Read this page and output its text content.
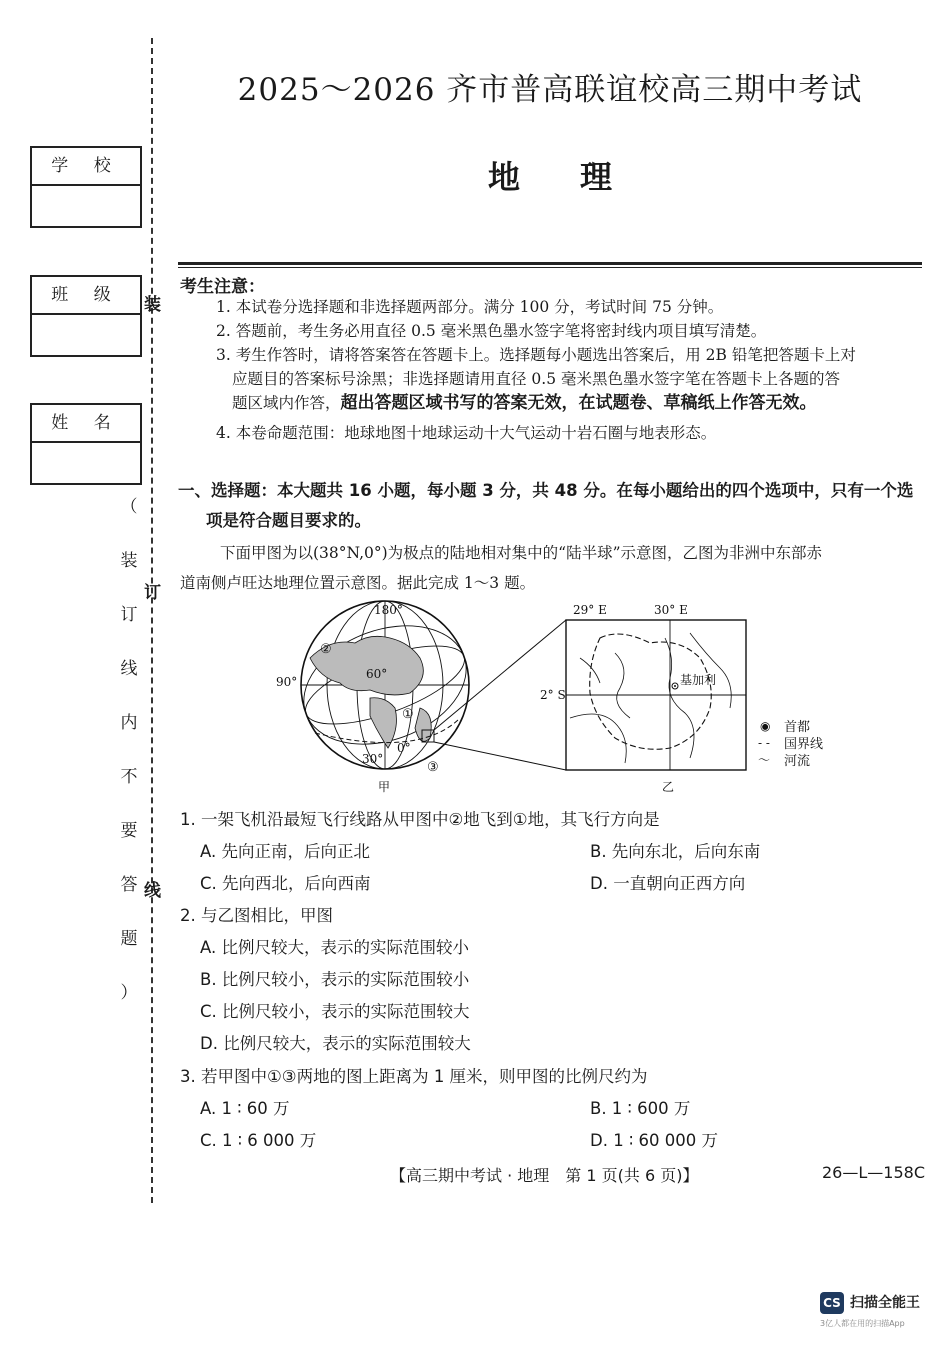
学 校
班 级
姓 名
装
订
线
（
装
订
线
内
不
要
答
题
）
2025～2026 齐市普高联谊校高三期中考试
地理
考生注意：
1. 本试卷分选择题和非选择题两部分。满分 100 分，考试时间 75 分钟。
2. 答题前，考生务必用直径 0.5 毫米黑色墨水签字笔将密封线内项目填写清楚。
3. 考生作答时，请将答案答在答题卡上。选择题每小题选出答案后，用 2B 铅笔把答题卡上对
应题目的答案标号涂黑；非选择题请用直径 0.5 毫米黑色墨水签字笔在答题卡上各题的答
题区域内作答，超出答题区域书写的答案无效，在试题卷、草稿纸上作答无效。
4. 本卷命题范围：地球地图十地球运动十大气运动十岩石圈与地表形态。
一、选择题：本大题共 16 小题，每小题 3 分，共 48 分。在每小题给出的四个选项中，只有一个选
项是符合题目要求的。
下面甲图为以(38°N,0°)为极点的陆地相对集中的“陆半球”示意图，乙图为非洲中东部赤
道南侧卢旺达地理位置示意图。据此完成 1～3 题。
180°
90°
60°
30°
0°
①
②
③
甲
29° E	30° E
2° S
基加利
乙
◉ 首都
- - 国界线
～ 河流
1. 一架飞机沿最短飞行线路从甲图中②地飞到①地，其飞行方向是
A. 先向正南，后向正北	B. 先向东北，后向东南
C. 先向西北，后向西南	D. 一直朝向正西方向
2. 与乙图相比，甲图
A. 比例尺较大，表示的实际范围较小
B. 比例尺较小，表示的实际范围较小
C. 比例尺较小，表示的实际范围较大
D. 比例尺较大，表示的实际范围较大
3. 若甲图中①③两地的图上距离为 1 厘米，则甲图的比例尺约为
A. 1 ∶ 60 万	B. 1 ∶ 600 万
C. 1 ∶ 6 000 万	D. 1 ∶ 60 000 万
【高三期中考试 · 地理　第 1 页(共 6 页)】	26—L—158C
CS 扫描全能王
3亿人都在用的扫描App
